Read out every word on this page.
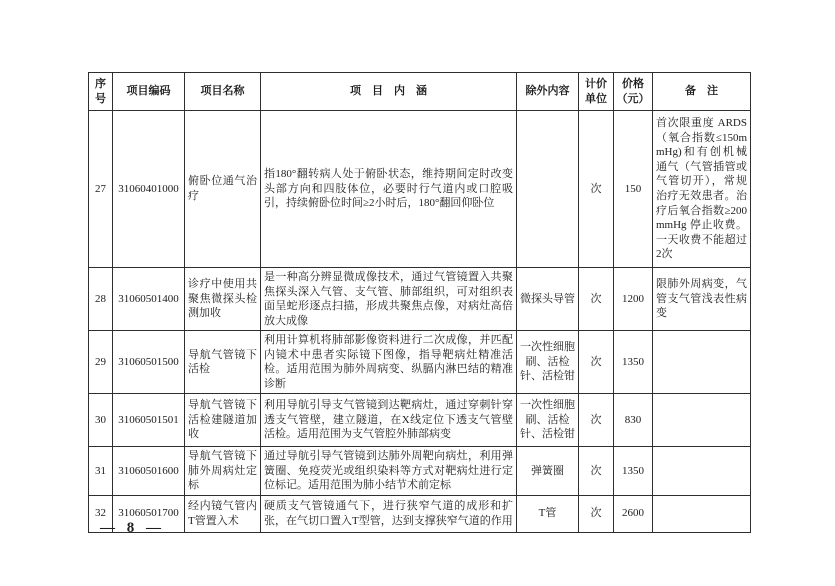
序号	项目编码	项目名称	项　目　内　涵	除外内容	计价单位	价格（元）	备　注
27	31060401000	俯卧位通气治疗	指180°翻转病人处于俯卧状态，维持期间定时改变头部方向和四肢体位，必要时行气道内或口腔吸引，持续俯卧位时间≥2小时后，180°翻回仰卧位		次	150	首次限重度 ARDS（氧合指数≤150mmHg)和有创机械通气（气管插管或气管切开），常规治疗无效患者。治疗后氧合指数≥200mmHg 停止收费。一天收费不能超过2次
28	31060501400	诊疗中使用共聚焦微探头检测加收	是一种高分辨显微成像技术，通过气管镜置入共聚焦探头深入气管、支气管、肺部组织，可对组织表面呈蛇形逐点扫描，形成共聚焦点像，对病灶高倍放大成像	微探头导管	次	1200	限肺外周病变，气管支气管浅表性病变
29	31060501500	导航气管镜下活检	利用计算机将肺部影像资料进行二次成像，并匹配内镜术中患者实际镜下图像，指导靶病灶精准活检。适用范围为肺外周病变、纵膈内淋巴结的精准诊断	一次性细胞刷、活检针、活检钳	次	1350	
30	31060501501	导航气管镜下活检建隧道加收	利用导航引导支气管镜到达靶病灶，通过穿刺针穿透支气管壁，建立隧道，在X线定位下透支气管壁活检。适用范围为支气管腔外肺部病变	一次性细胞刷、活检针、活检钳	次	830	
31	31060501600	导航气管镜下肺外周病灶定标	通过导航引导气管镜到达肺外周靶向病灶，利用弹簧圈、免疫荧光或组织染料等方式对靶病灶进行定位标记。适用范围为肺小结节术前定标	弹簧圈	次	1350	
32	31060501700	经内镜气管内T管置入术	硬质支气管镜通气下，进行狭窄气道的成形和扩张，在气切口置入T型管，达到支撑狭窄气道的作用	T管	次	2600	
— 8 —
